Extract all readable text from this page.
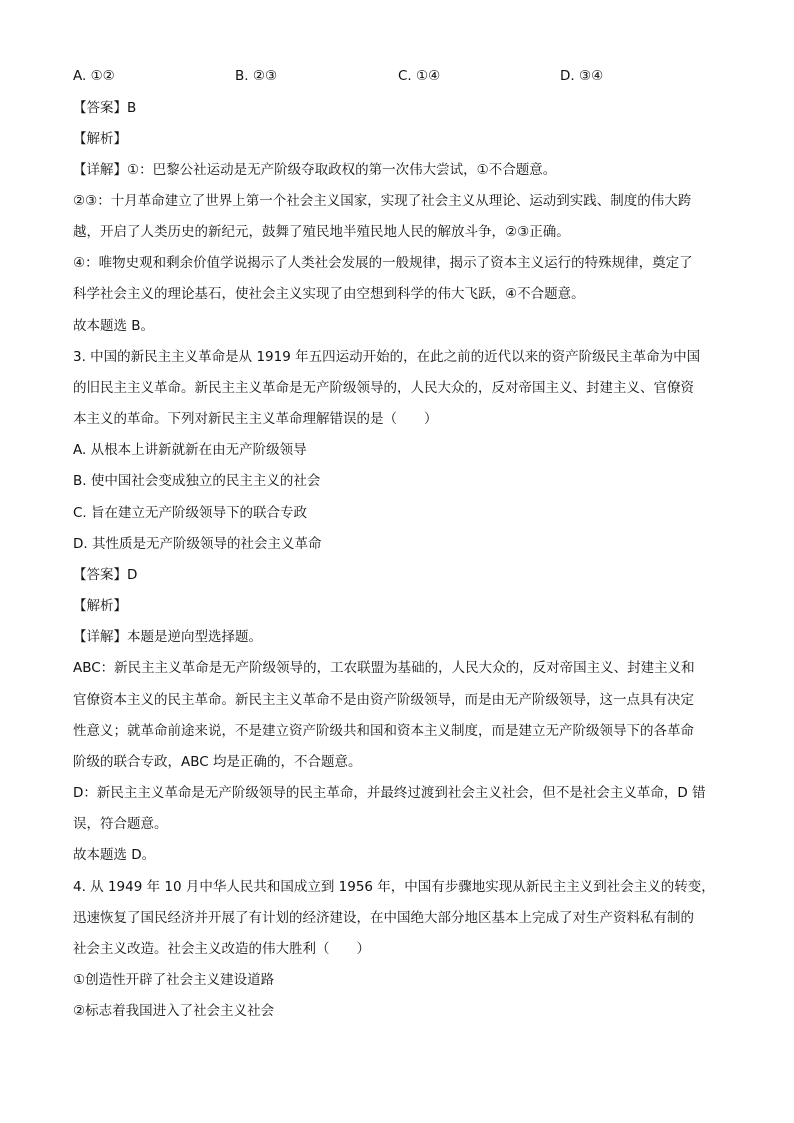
A. ①②	B. ②③	C. ①④	D. ③④
【答案】B
【解析】
【详解】①：巴黎公社运动是无产阶级夺取政权的第一次伟大尝试，①不合题意。
②③：十月革命建立了世界上第一个社会主义国家，实现了社会主义从理论、运动到实践、制度的伟大跨
越，开启了人类历史的新纪元，鼓舞了殖民地半殖民地人民的解放斗争，②③正确。
④：唯物史观和剩余价值学说揭示了人类社会发展的一般规律，揭示了资本主义运行的特殊规律，奠定了
科学社会主义的理论基石，使社会主义实现了由空想到科学的伟大飞跃，④不合题意。
故本题选 B。
3. 中国的新民主主义革命是从 1919 年五四运动开始的，在此之前的近代以来的资产阶级民主革命为中国
的旧民主主义革命。新民主主义革命是无产阶级领导的，人民大众的，反对帝国主义、封建主义、官僚资
本主义的革命。下列对新民主主义革命理解错误的是（　　）
A. 从根本上讲新就新在由无产阶级领导
B. 使中国社会变成独立的民主主义的社会
C. 旨在建立无产阶级领导下的联合专政
D. 其性质是无产阶级领导的社会主义革命
【答案】D
【解析】
【详解】本题是逆向型选择题。
ABC：新民主主义革命是无产阶级领导的，工农联盟为基础的，人民大众的，反对帝国主义、封建主义和
官僚资本主义的民主革命。新民主主义革命不是由资产阶级领导，而是由无产阶级领导，这一点具有决定
性意义；就革命前途来说，不是建立资产阶级共和国和资本主义制度，而是建立无产阶级领导下的各革命
阶级的联合专政，ABC 均是正确的，不合题意。
D：新民主主义革命是无产阶级领导的民主革命，并最终过渡到社会主义社会，但不是社会主义革命，D 错
误，符合题意。
故本题选 D。
4. 从 1949 年 10 月中华人民共和国成立到 1956 年，中国有步骤地实现从新民主主义到社会主义的转变，
迅速恢复了国民经济并开展了有计划的经济建设，在中国绝大部分地区基本上完成了对生产资料私有制的
社会主义改造。社会主义改造的伟大胜利（　　）
①创造性开辟了社会主义建设道路
②标志着我国进入了社会主义社会
